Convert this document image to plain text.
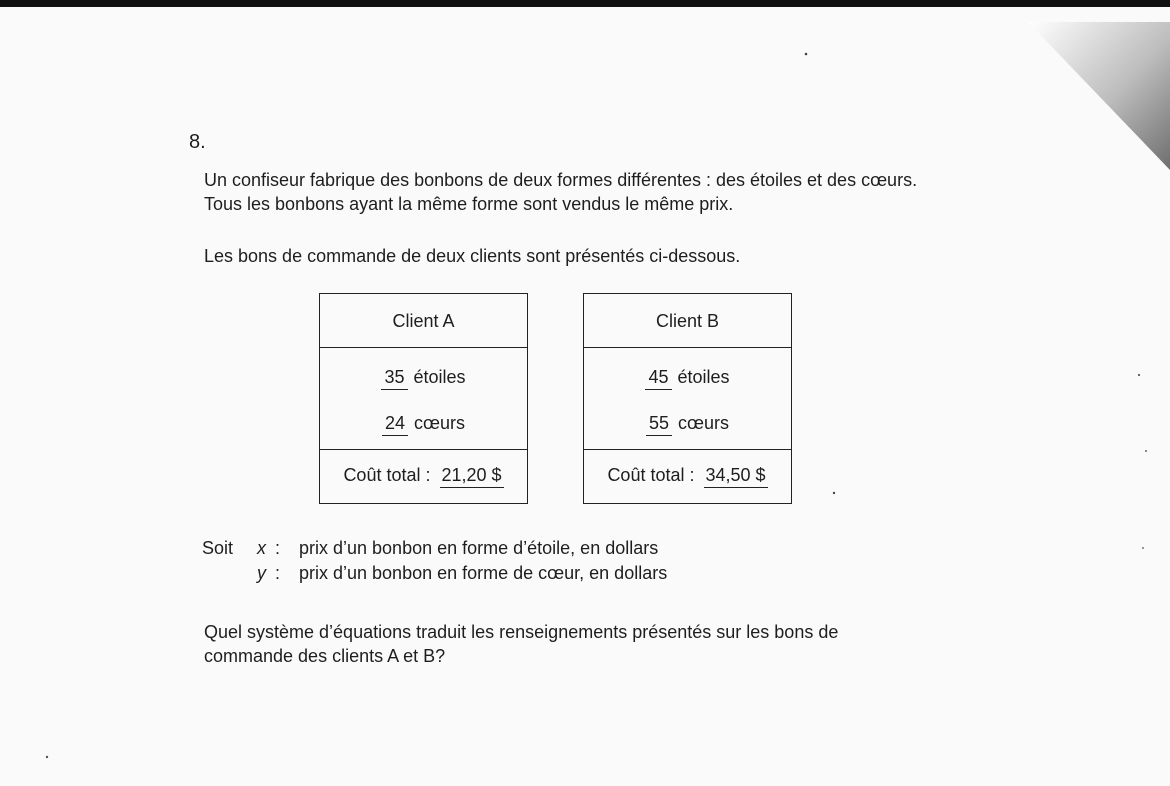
8.
Un confiseur fabrique des bonbons de deux formes différentes : des étoiles et des cœurs. Tous les bonbons ayant la même forme sont vendus le même prix.
Les bons de commande de deux clients sont présentés ci-dessous.
Client A
35 étoiles
24 cœurs
Coût total : 21,20 $
Client B
45 étoiles
55 cœurs
Coût total : 34,50 $
Soit x : prix d’un bonbon en forme d’étoile, en dollars
y : prix d’un bonbon en forme de cœur, en dollars
Quel système d’équations traduit les renseignements présentés sur les bons de commande des clients A et B?
